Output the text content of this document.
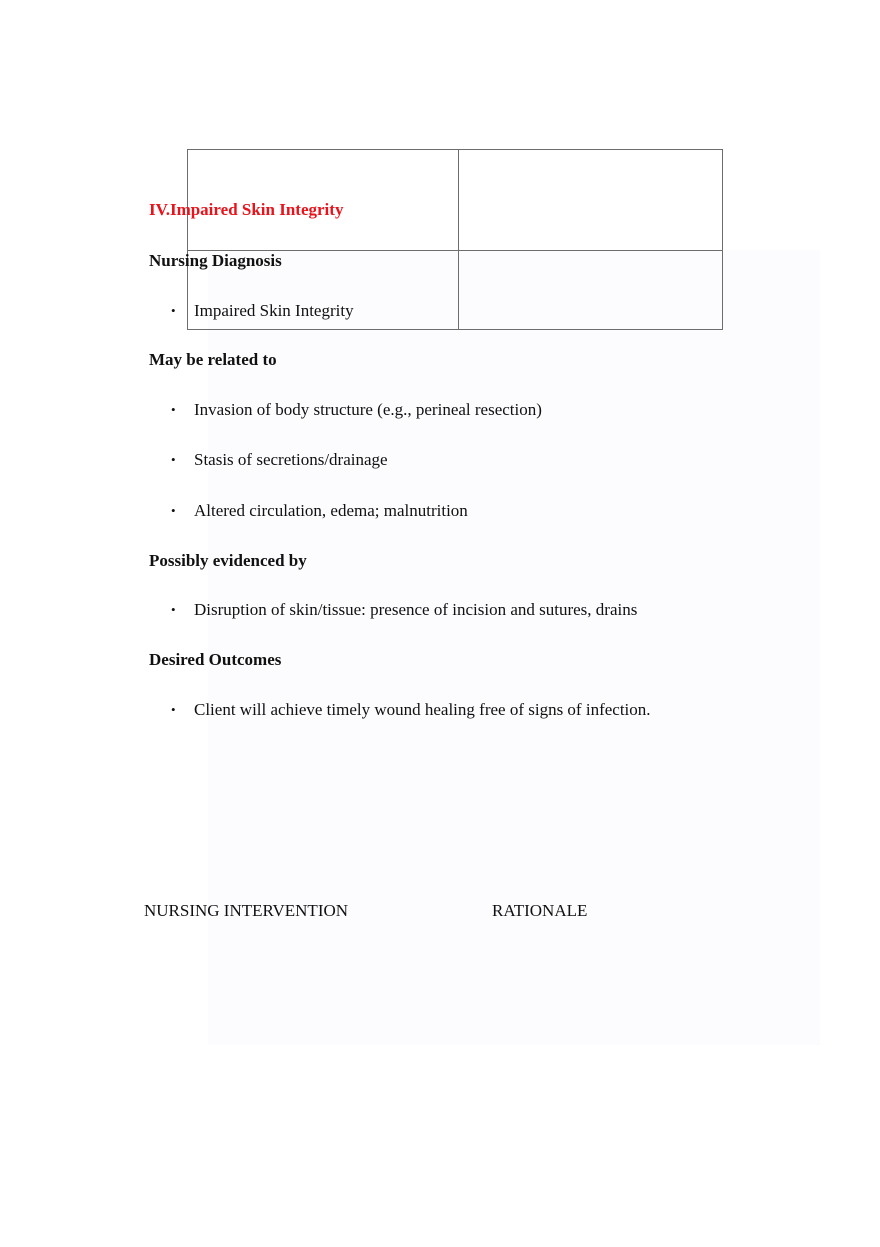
IV.Impaired Skin Integrity
Nursing Diagnosis
• Impaired Skin Integrity
May be related to
• Invasion of body structure (e.g., perineal resection)
• Stasis of secretions/drainage
• Altered circulation, edema; malnutrition
Possibly evidenced by
• Disruption of skin/tissue: presence of incision and sutures, drains
Desired Outcomes
• Client will achieve timely wound healing free of signs of infection.
NURSING INTERVENTION	RATIONALE
